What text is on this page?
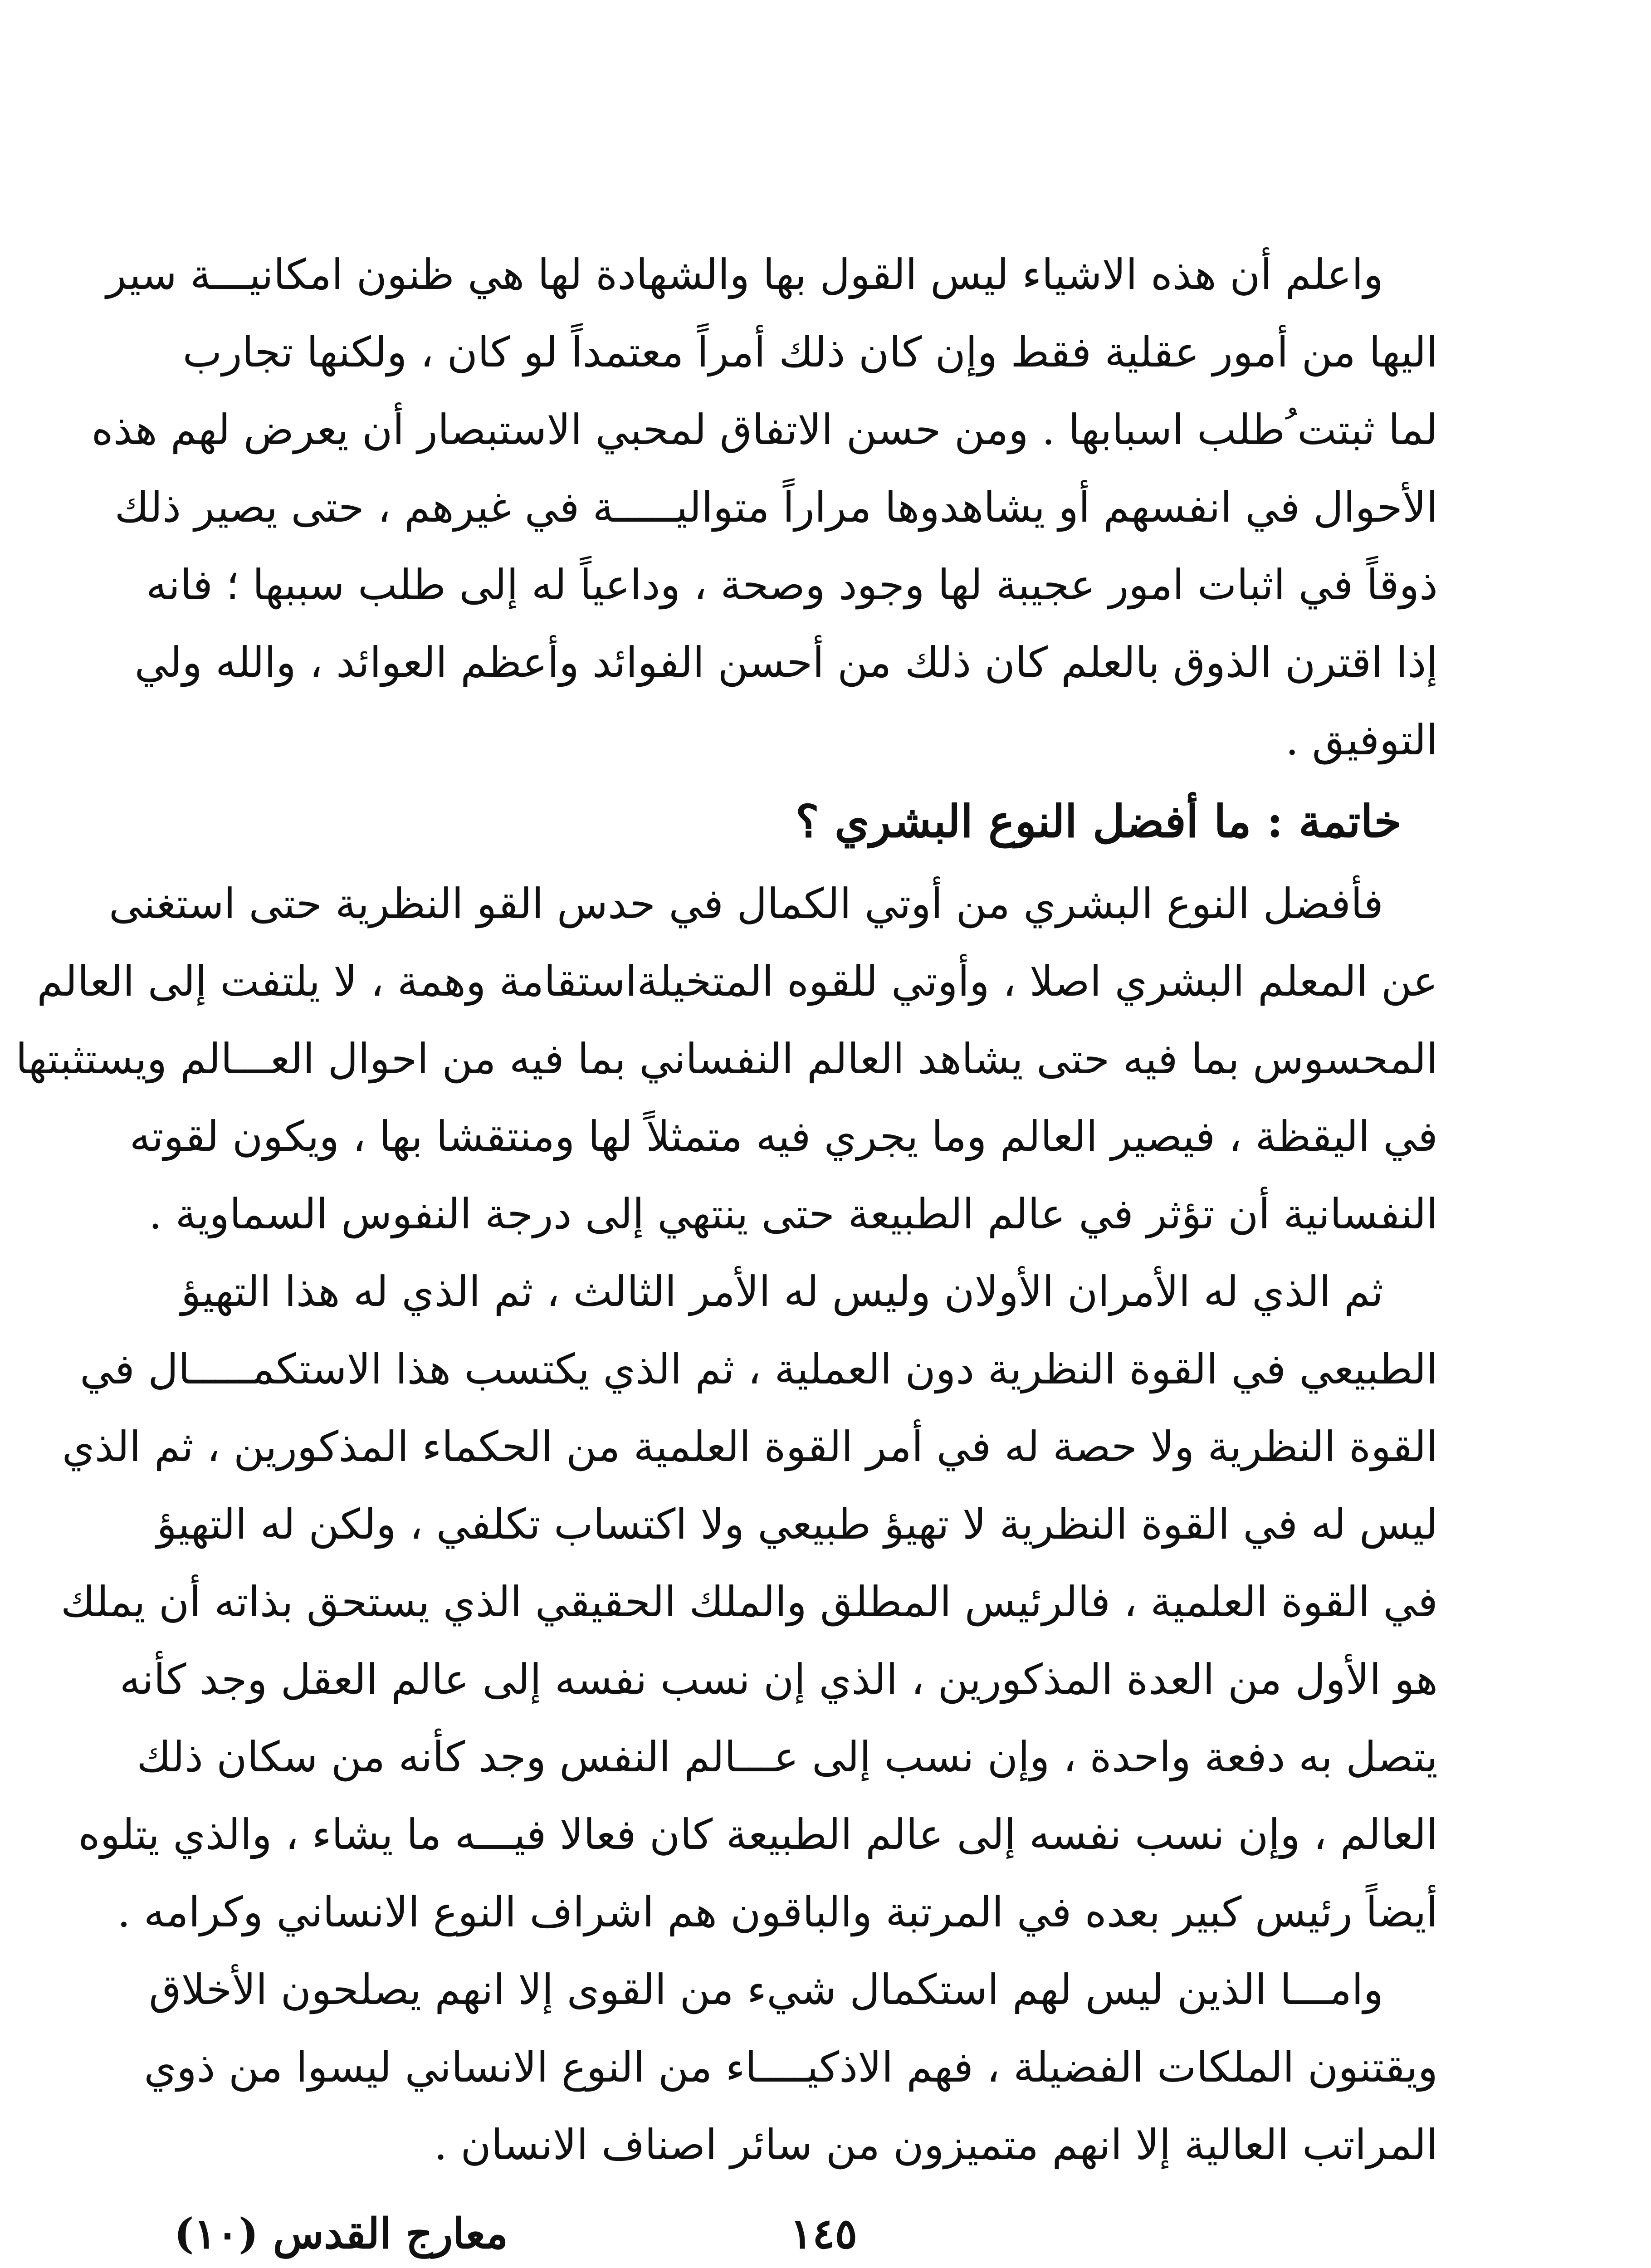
واعلم أن هذه الاشياء ليس القول بها والشهادة لها هي ظنون امكانيـــة سير
اليها من أمور عقلية فقط وإن كان ذلك أمراً معتمداً لو كان ، ولكنها تجارب
لما ثبتت ُطلب اسبابها . ومن حسن الاتفاق لمحبي الاستبصار أن يعرض لهم هذه
الأحوال في انفسهم أو يشاهدوها مراراً متواليـــــة في غيرهم ، حتى يصير ذلك
ذوقاً في اثبات امور عجيبة لها وجود وصحة ، وداعياً له إلى طلب سببها ؛ فانه
إذا اقترن الذوق بالعلم كان ذلك من أحسن الفوائد وأعظم العوائد ، والله ولي
التوفيق .
خاتمة : ما أفضل النوع البشري ؟
فأفضل النوع البشري من أوتي الكمال في حدس القو النظرية حتى استغنى
عن المعلم البشري اصلا ، وأوتي للقوه المتخيلةاستقامة وهمة ، لا يلتفت إلى العالم
المحسوس بما فيه حتى يشاهد العالم النفساني بما فيه من احوال العـــالم ويستثبتها
في اليقظة ، فيصير العالم وما يجري فيه متمثلاً لها ومنتقشا بها ، ويكون لقوته
النفسانية أن تؤثر في عالم الطبيعة حتى ينتهي إلى درجة النفوس السماوية .
ثم الذي له الأمران الأولان وليس له الأمر الثالث ، ثم الذي له هذا التهيؤ
الطبيعي في القوة النظرية دون العملية ، ثم الذي يكتسب هذا الاستكمـــــال في
القوة النظرية ولا حصة له في أمر القوة العلمية من الحكماء المذكورين ، ثم الذي
ليس له في القوة النظرية لا تهيؤ طبيعي ولا اكتساب تكلفي ، ولكن له التهيؤ
في القوة العلمية ، فالرئيس المطلق والملك الحقيقي الذي يستحق بذاته أن يملك
هو الأول من العدة المذكورين ، الذي إن نسب نفسه إلى عالم العقل وجد كأنه
يتصل به دفعة واحدة ، وإن نسب إلى عـــالم النفس وجد كأنه من سكان ذلك
العالم ، وإن نسب نفسه إلى عالم الطبيعة كان فعالا فيـــه ما يشاء ، والذي يتلوه
أيضاً رئيس كبير بعده في المرتبة والباقون هم اشراف النوع الانساني وكرامه .
وامـــا الذين ليس لهم استكمال شيء من القوى إلا انهم يصلحون الأخلاق
ويقتنون الملكات الفضيلة ، فهم الاذكيــــاء من النوع الانساني ليسوا من ذوي
المراتب العالية إلا انهم متميزون من سائر اصناف الانسان .
١٤٥
معارج القدس (١٠)
